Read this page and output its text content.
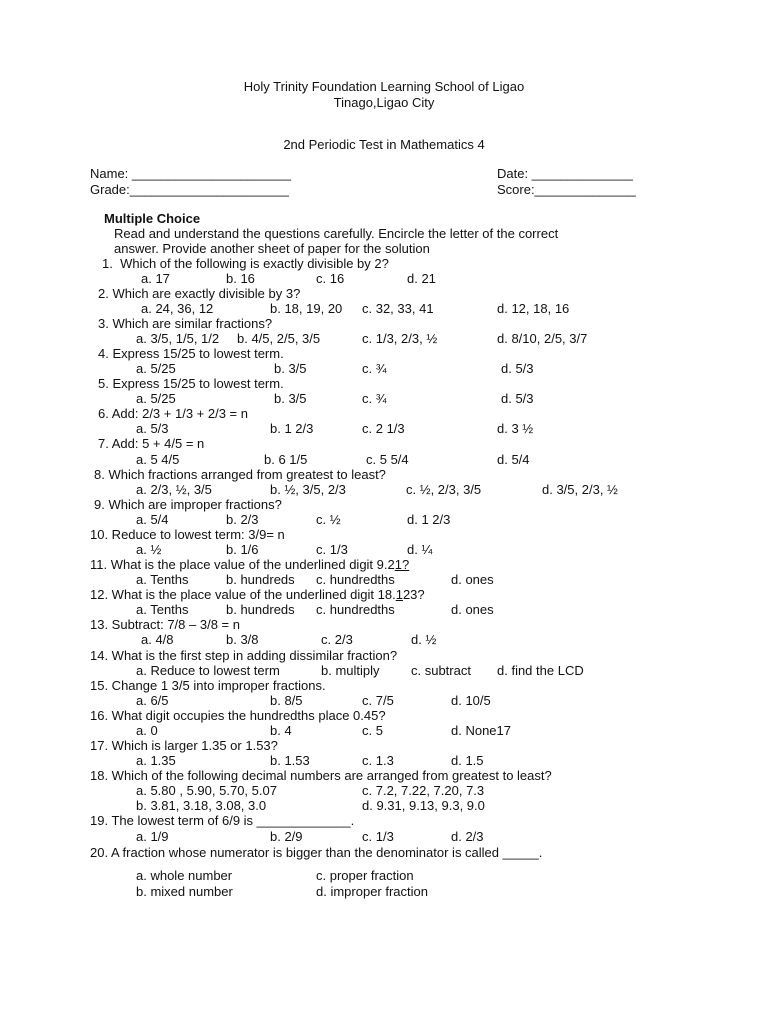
Holy Trinity Foundation Learning School of Ligao
Tinago,Ligao City
2nd Periodic Test in Mathematics 4
Name: ______________________	Date: ______________
Grade:______________________	Score:______________
Multiple Choice
Read and understand the questions carefully. Encircle the letter of the correct
answer. Provide another sheet of paper for the solution
1.  Which of the following is exactly divisible by 2?
a. 17	b. 16	c. 16	d. 21
2. Which are exactly divisible by 3?
a. 24, 36, 12	b. 18, 19, 20 c. 32, 33, 41	d. 12, 18, 16
3. Which are similar fractions?
a. 3/5, 1/5, 1/2 b. 4/5, 2/5, 3/5	c. 1/3, 2/3, ½	d. 8/10, 2/5, 3/7
4. Express 15/25 to lowest term.
a. 5/25	b. 3/5	c. ¾	d. 5/3
5. Express 15/25 to lowest term.
a. 5/25	b. 3/5	c. ¾	d. 5/3
6. Add: 2/3 + 1/3 + 2/3 = n
a. 5/3	b. 1 2/3	c. 2 1/3	d. 3 ½
7. Add: 5 + 4/5 = n
a. 5 4/5	b. 6 1/5	c. 5 5/4	d. 5/4
8. Which fractions arranged from greatest to least?
a. 2/3, ½, 3/5	b. ½, 3/5, 2/3	c. ½, 2/3, 3/5	d. 3/5, 2/3, ½
9. Which are improper fractions?
a. 5/4	b. 2/3	c. ½	d. 1 2/3
10. Reduce to lowest term: 3/9= n
a. ½	b. 1/6	c. 1/3	d. ¼
11. What is the place value of the underlined digit 9.21?
a. Tenths	b. hundreds c. hundredths	d. ones
12. What is the place value of the underlined digit 18.123?
a. Tenths	b. hundreds c. hundredths	d. ones
13. Subtract: 7/8 – 3/8 = n
a. 4/8	b. 3/8	c. 2/3	d. ½
14. What is the first step in adding dissimilar fraction?
a. Reduce to lowest term	b. multiply c. subtract d. find the LCD
15. Change 1 3/5 into improper fractions.
a. 6/5	b. 8/5	c. 7/5	d. 10/5
16. What digit occupies the hundredths place 0.45?
a. 0	b. 4	c. 5	d. None17
17. Which is larger 1.35 or 1.53?
a. 1.35	b. 1.53	c. 1.3	d. 1.5
18. Which of the following decimal numbers are arranged from greatest to least?
a. 5.80 , 5.90, 5.70, 5.07	c. 7.2, 7.22, 7.20, 7.3
b. 3.81, 3.18, 3.08, 3.0	d. 9.31, 9.13, 9.3, 9.0
19. The lowest term of 6/9 is _____________.
a. 1/9	b. 2/9	c. 1/3	d. 2/3
20. A fraction whose numerator is bigger than the denominator is called _____.
a. whole number	c. proper fraction
b. mixed number	d. improper fraction
